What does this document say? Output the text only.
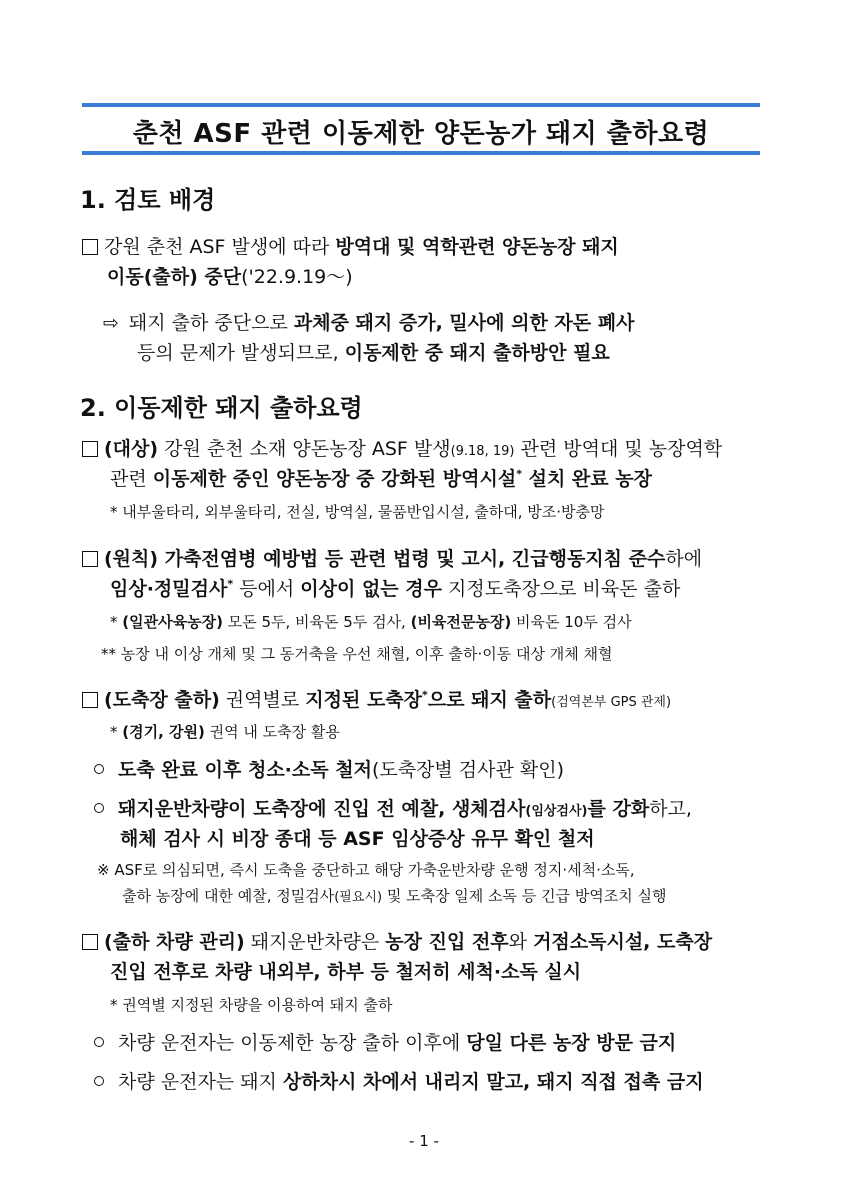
춘천 ASF 관련 이동제한 양돈농가 돼지 출하요령
1. 검토 배경
강원 춘천 ASF 발생에 따라 방역대 및 역학관련 양돈농장 돼지
이동(출하) 중단('22.9.19～)
⇨ 돼지 출하 중단으로 과체중 돼지 증가, 밀사에 의한 자돈 폐사
등의 문제가 발생되므로, 이동제한 중 돼지 출하방안 필요
2. 이동제한 돼지 출하요령
(대상) 강원 춘천 소재 양돈농장 ASF 발생(9.18, 19) 관련 방역대 및 농장역학
관련 이동제한 중인 양돈농장 중 강화된 방역시설* 설치 완료 농장
* 내부울타리, 외부울타리, 전실, 방역실, 물품반입시설, 출하대, 방조·방충망
(원칙) 가축전염병 예방법 등 관련 법령 및 고시, 긴급행동지침 준수하에
임상·정밀검사* 등에서 이상이 없는 경우 지정도축장으로 비육돈 출하
* (일관사육농장) 모돈 5두, 비육돈 5두 검사, (비육전문농장) 비육돈 10두 검사
** 농장 내 이상 개체 및 그 동거축을 우선 채혈, 이후 출하·이동 대상 개체 채혈
(도축장 출하) 권역별로 지정된 도축장*으로 돼지 출하(검역본부 GPS 관제)
* (경기, 강원) 권역 내 도축장 활용
도축 완료 이후 청소·소독 철저(도축장별 검사관 확인)
돼지운반차량이 도축장에 진입 전 예찰, 생체검사(임상검사)를 강화하고,
해체 검사 시 비장 종대 등 ASF 임상증상 유무 확인 철저
※ ASF로 의심되면, 즉시 도축을 중단하고 해당 가축운반차량 운행 정지·세척·소독,
출하 농장에 대한 예찰, 정밀검사(필요시) 및 도축장 일제 소독 등 긴급 방역조치 실행
(출하 차량 관리) 돼지운반차량은 농장 진입 전후와 거점소독시설, 도축장
진입 전후로 차량 내외부, 하부 등 철저히 세척·소독 실시
* 권역별 지정된 차량을 이용하여 돼지 출하
차량 운전자는 이동제한 농장 출하 이후에 당일 다른 농장 방문 금지
차량 운전자는 돼지 상하차시 차에서 내리지 말고, 돼지 직접 접촉 금지
- 1 -
